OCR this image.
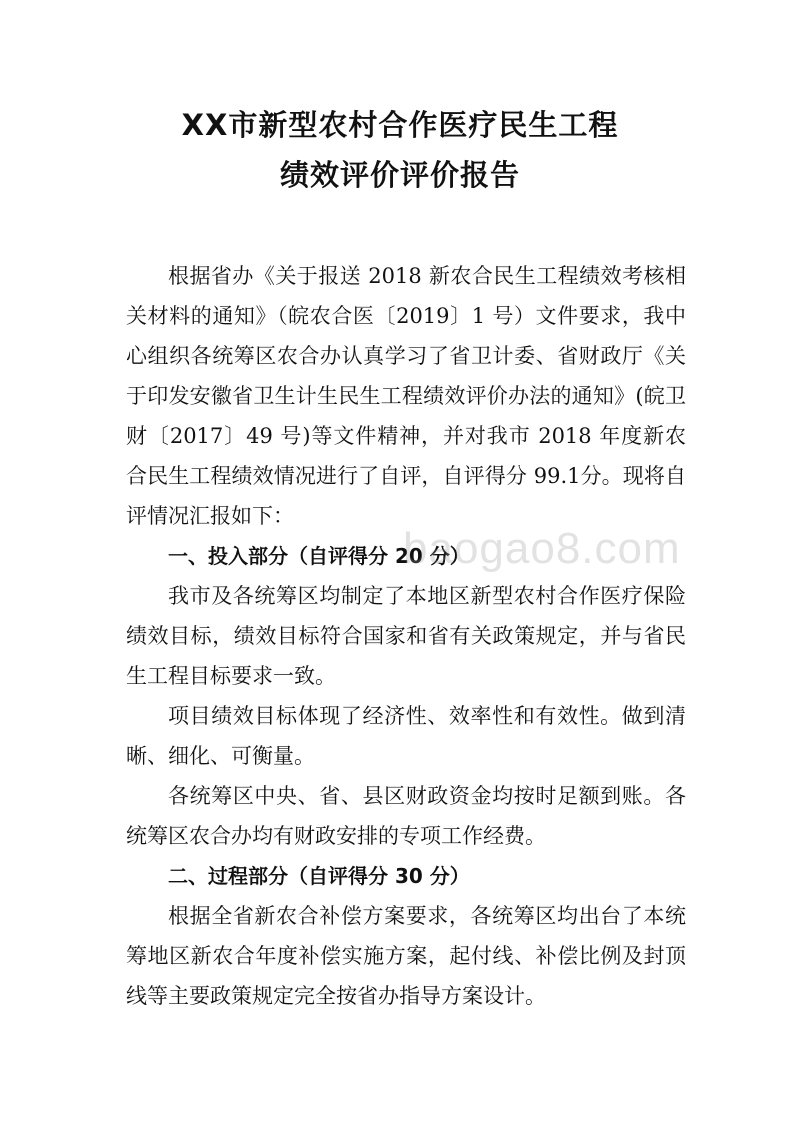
XX市新型农村合作医疗民生工程
绩效评价评价报告

根据省办《关于报送 2018 新农合民生工程绩效考核相关材料的通知》（皖农合医〔2019〕1 号）文件要求，我中心组织各统筹区农合办认真学习了省卫计委、省财政厅《关于印发安徽省卫生计生民生工程绩效评价办法的通知》(皖卫财〔2017〕49 号)等文件精神，并对我市 2018 年度新农合民生工程绩效情况进行了自评，自评得分 99.1分。现将自评情况汇报如下：

一、投入部分（自评得分 20 分）

我市及各统筹区均制定了本地区新型农村合作医疗保险绩效目标，绩效目标符合国家和省有关政策规定，并与省民生工程目标要求一致。

项目绩效目标体现了经济性、效率性和有效性。做到清晰、细化、可衡量。

各统筹区中央、省、县区财政资金均按时足额到账。各统筹区农合办均有财政安排的专项工作经费。

二、过程部分（自评得分 30 分）

根据全省新农合补偿方案要求，各统筹区均出台了本统筹地区新农合年度补偿实施方案，起付线、补偿比例及封顶线等主要政策规定完全按省办指导方案设计。

baogao8.com
